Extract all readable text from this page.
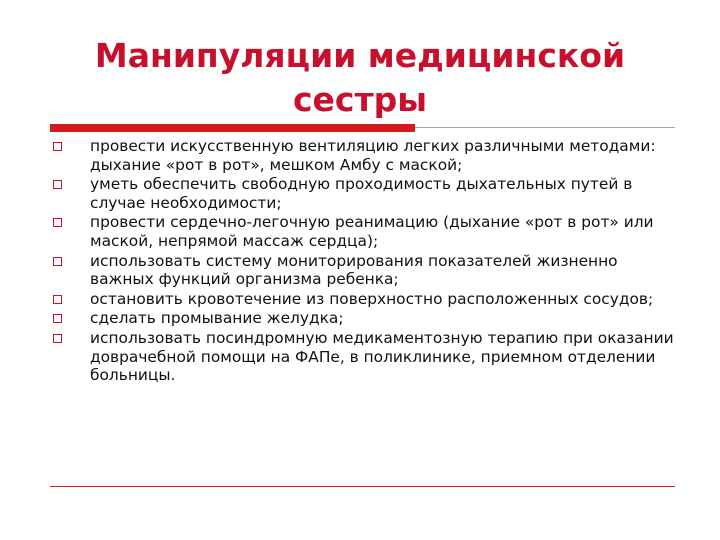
Манипуляции медицинской
сестры
провести искусственную вентиляцию легких различными методами: дыхание «рот в рот», мешком Амбу с маской;
уметь обеспечить свободную проходимость дыхательных путей в случае необходимости;
провести сердечно-легочную реанимацию (дыхание «рот в рот» или маской, непрямой массаж сердца);
использовать систему мониторирования показателей жизненно важных функций организма ребенка;
остановить кровотечение из поверхностно расположенных сосудов;
сделать промывание желудка;
использовать посиндромную медикаментозную терапию при оказании доврачебной помощи на ФАПе, в поликлинике, приемном отделении больницы.
